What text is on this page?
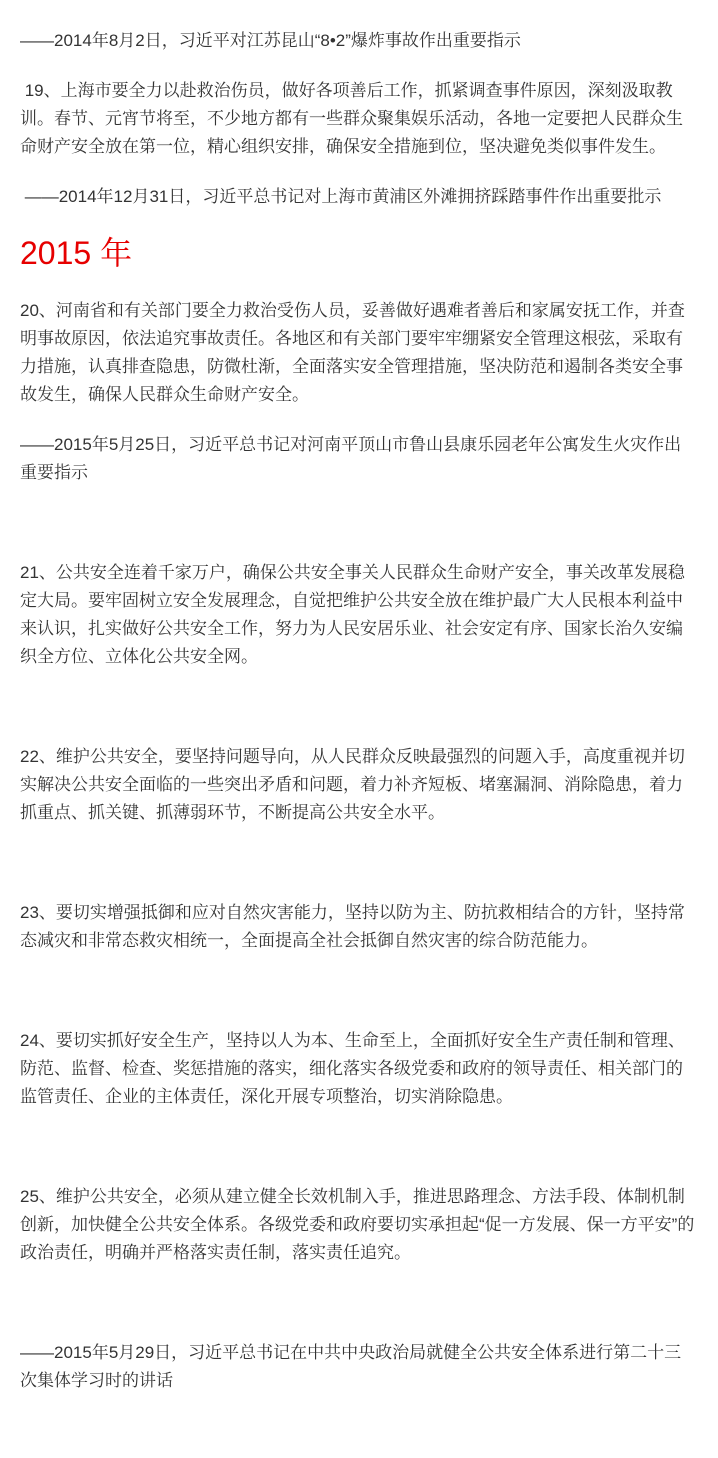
——2014年8月2日，习近平对江苏昆山“8•2”爆炸事故作出重要指示

19、上海市要全力以赴救治伤员，做好各项善后工作，抓紧调查事件原因，深刻汲取教训。春节、元宵节将至，不少地方都有一些群众聚集娱乐活动，各地一定要把人民群众生命财产安全放在第一位，精心组织安排，确保安全措施到位，坚决避免类似事件发生。

——2014年12月31日，习近平总书记对上海市黄浦区外滩拥挤踩踏事件作出重要批示

2015 年

20、河南省和有关部门要全力救治受伤人员，妥善做好遇难者善后和家属安抚工作，并查明事故原因，依法追究事故责任。各地区和有关部门要牢牢绷紧安全管理这根弦，采取有力措施，认真排查隐患，防微杜渐，全面落实安全管理措施，坚决防范和遏制各类安全事故发生，确保人民群众生命财产安全。

——2015年5月25日，习近平总书记对河南平顶山市鲁山县康乐园老年公寓发生火灾作出重要指示

21、公共安全连着千家万户，确保公共安全事关人民群众生命财产安全，事关改革发展稳定大局。要牢固树立安全发展理念，自觉把维护公共安全放在维护最广大人民根本利益中来认识，扎实做好公共安全工作，努力为人民安居乐业、社会安定有序、国家长治久安编织全方位、立体化公共安全网。

22、维护公共安全，要坚持问题导向，从人民群众反映最强烈的问题入手，高度重视并切实解决公共安全面临的一些突出矛盾和问题，着力补齐短板、堵塞漏洞、消除隐患，着力抓重点、抓关键、抓薄弱环节，不断提高公共安全水平。

23、要切实增强抵御和应对自然灾害能力，坚持以防为主、防抗救相结合的方针，坚持常态减灾和非常态救灾相统一，全面提高全社会抵御自然灾害的综合防范能力。

24、要切实抓好安全生产，坚持以人为本、生命至上，全面抓好安全生产责任制和管理、防范、监督、检查、奖惩措施的落实，细化落实各级党委和政府的领导责任、相关部门的监管责任、企业的主体责任，深化开展专项整治，切实消除隐患。

25、维护公共安全，必须从建立健全长效机制入手，推进思路理念、方法手段、体制机制创新，加快健全公共安全体系。各级党委和政府要切实承担起“促一方发展、保一方平安”的政治责任，明确并严格落实责任制，落实责任追究。

——2015年5月29日，习近平总书记在中共中央政治局就健全公共安全体系进行第二十三次集体学习时的讲话
